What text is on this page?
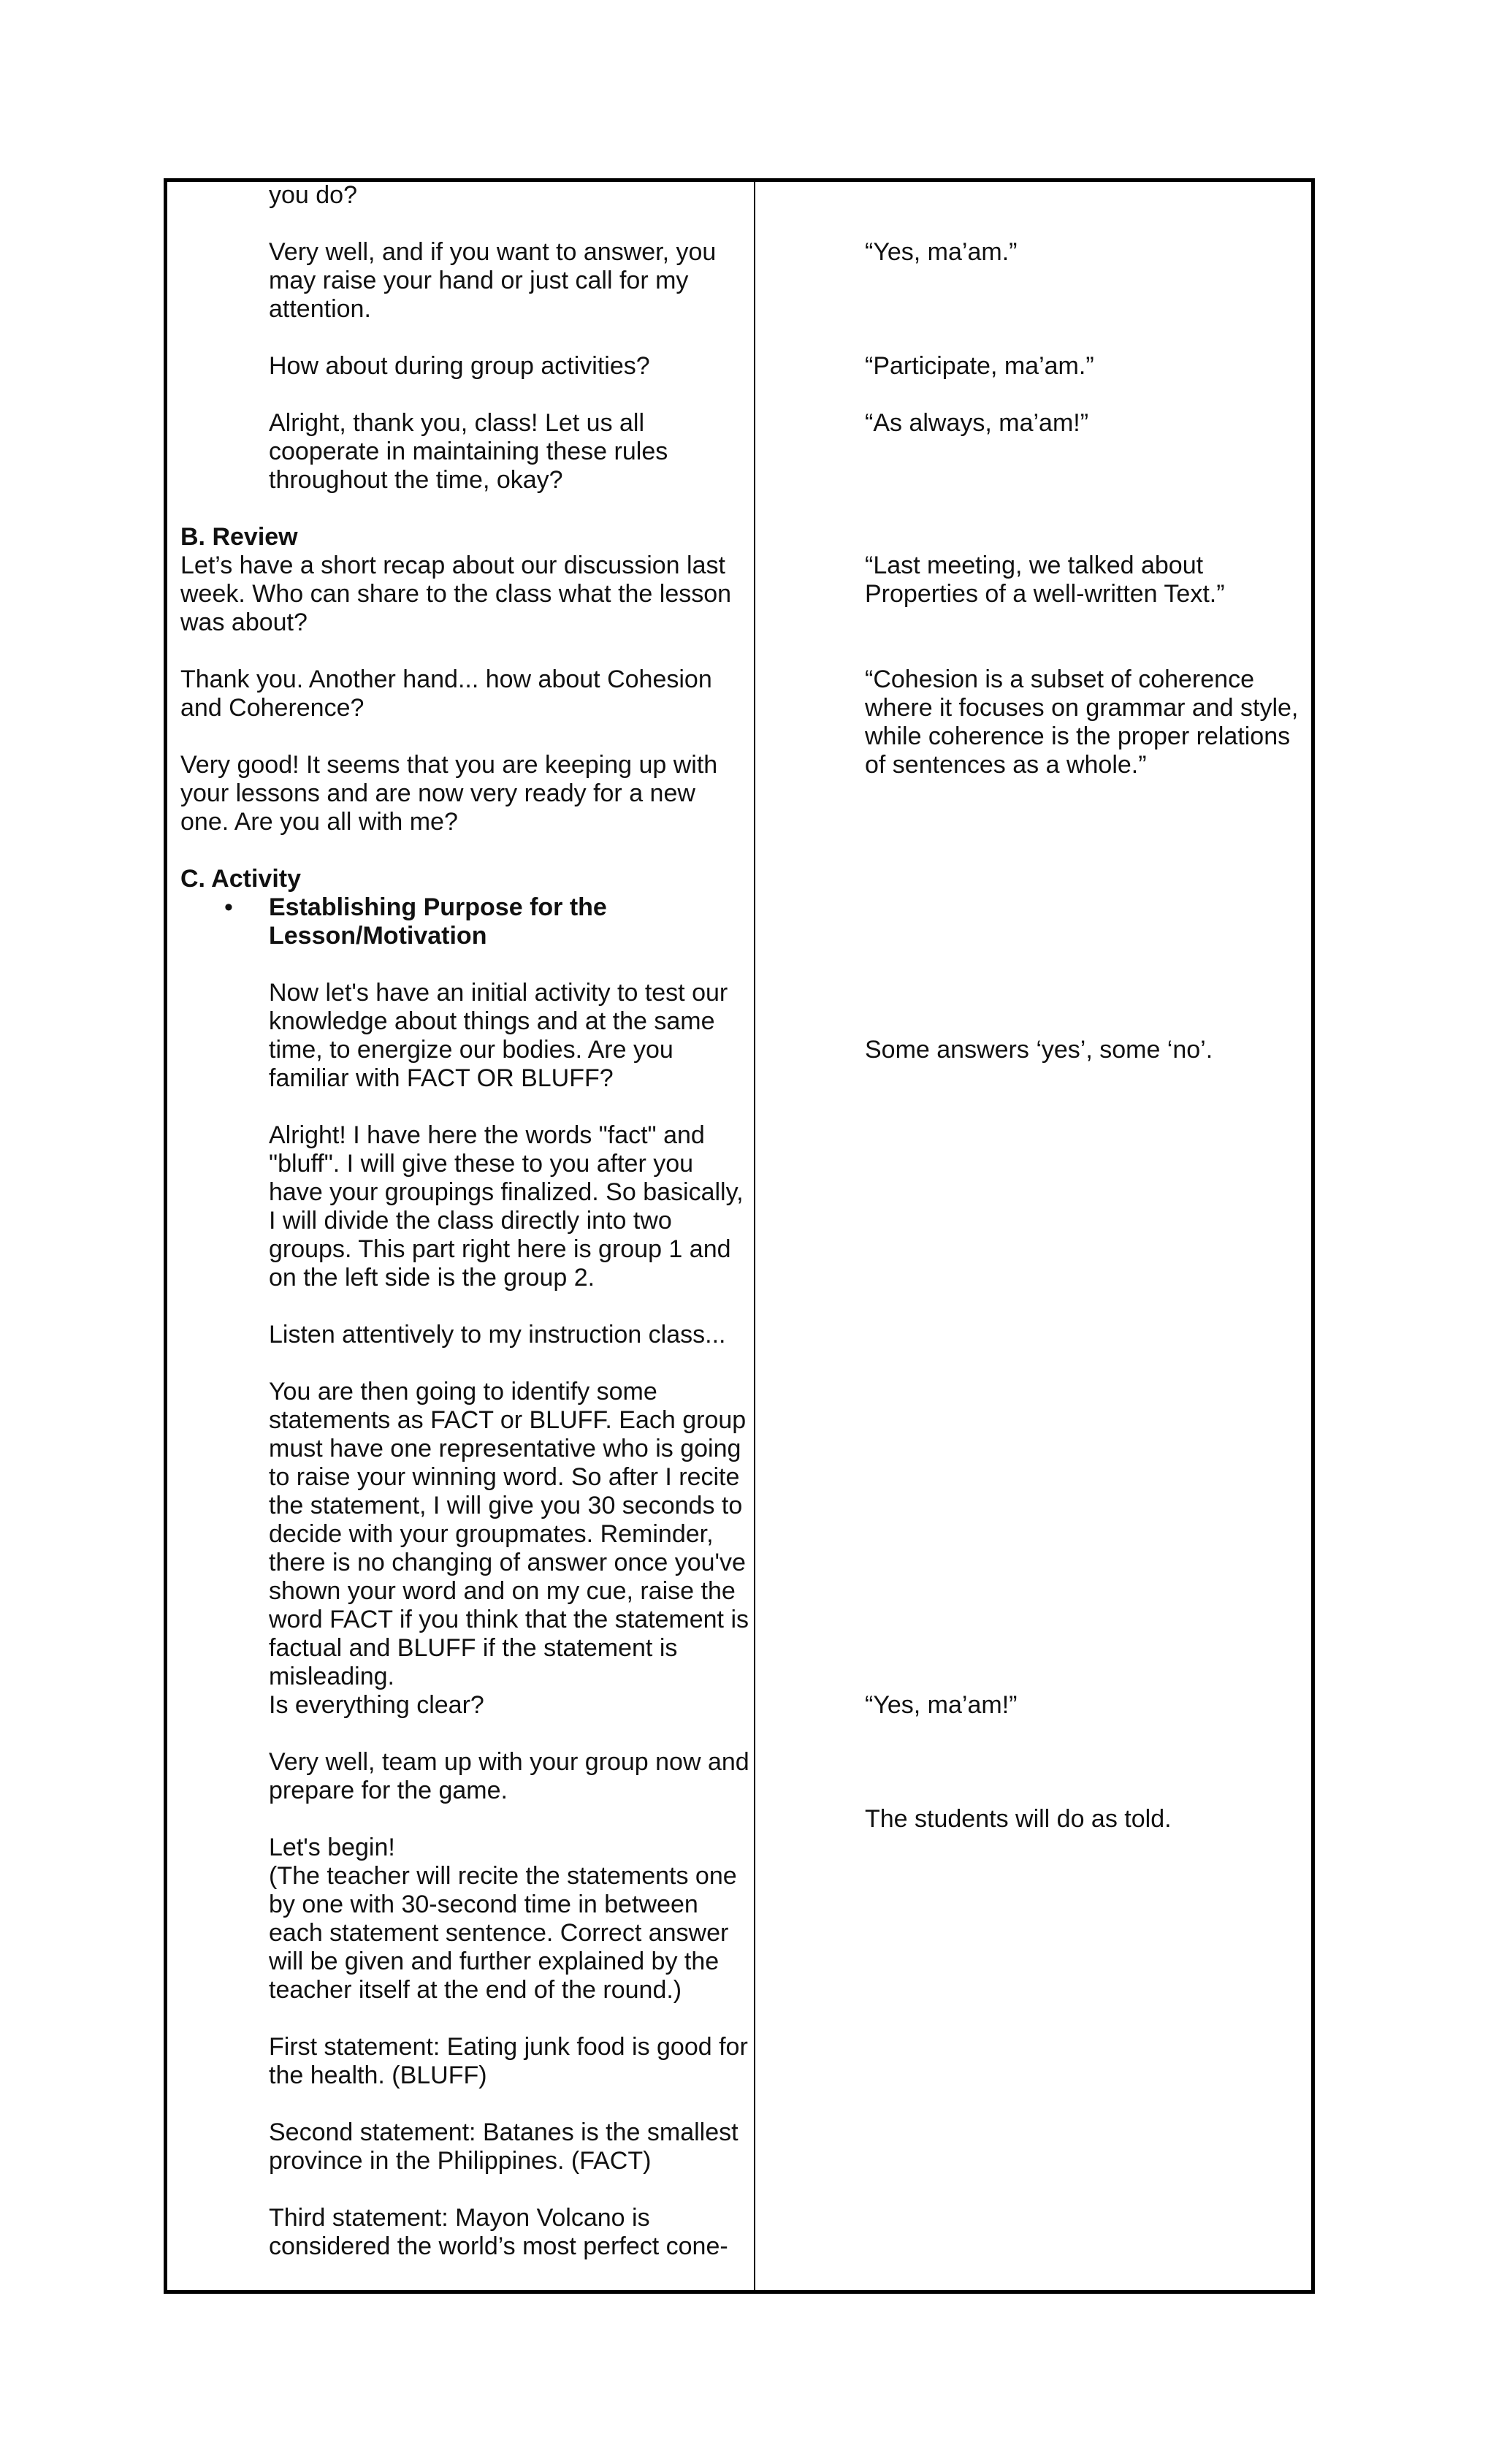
you do?

Very well, and if you want to answer, you may raise your hand or just call for my attention.

How about during group activities?

Alright, thank you, class! Let us all cooperate in maintaining these rules throughout the time, okay?

B. Review

Let’s have a short recap about our discussion last week. Who can share to the class what the lesson was about?

Thank you. Another hand... how about Cohesion and Coherence?

Very good! It seems that you are keeping up with your lessons and are now very ready for a new one. Are you all with me?

C. Activity

• Establishing Purpose for the Lesson/Motivation

Now let's have an initial activity to test our knowledge about things and at the same time, to energize our bodies. Are you familiar with FACT OR BLUFF?

Alright! I have here the words "fact" and "bluff". I will give these to you after you have your groupings finalized. So basically, I will divide the class directly into two groups. This part right here is group 1 and on the left side is the group 2.

Listen attentively to my instruction class...

You are then going to identify some statements as FACT or BLUFF. Each group must have one representative who is going to raise your winning word. So after I recite the statement, I will give you 30 seconds to decide with your groupmates. Reminder, there is no changing of answer once you've shown your word and on my cue, raise the word FACT if you think that the statement is factual and BLUFF if the statement is misleading.

Is everything clear?

Very well, team up with your group now and prepare for the game.

Let's begin!

(The teacher will recite the statements one by one with 30-second time in between each statement sentence. Correct answer will be given and further explained by the teacher itself at the end of the round.)

First statement: Eating junk food is good for the health. (BLUFF)

Second statement: Batanes is the smallest province in the Philippines. (FACT)

Third statement: Mayon Volcano is considered the world’s most perfect cone-

“Yes, ma’am.”

“Participate, ma’am.”

“As always, ma’am!”

“Last meeting, we talked about Properties of a well-written Text.”

“Cohesion is a subset of coherence where it focuses on grammar and style, while coherence is the proper relations of sentences as a whole.”

Some answers ‘yes’, some ‘no’.

“Yes, ma’am!”

The students will do as told.
